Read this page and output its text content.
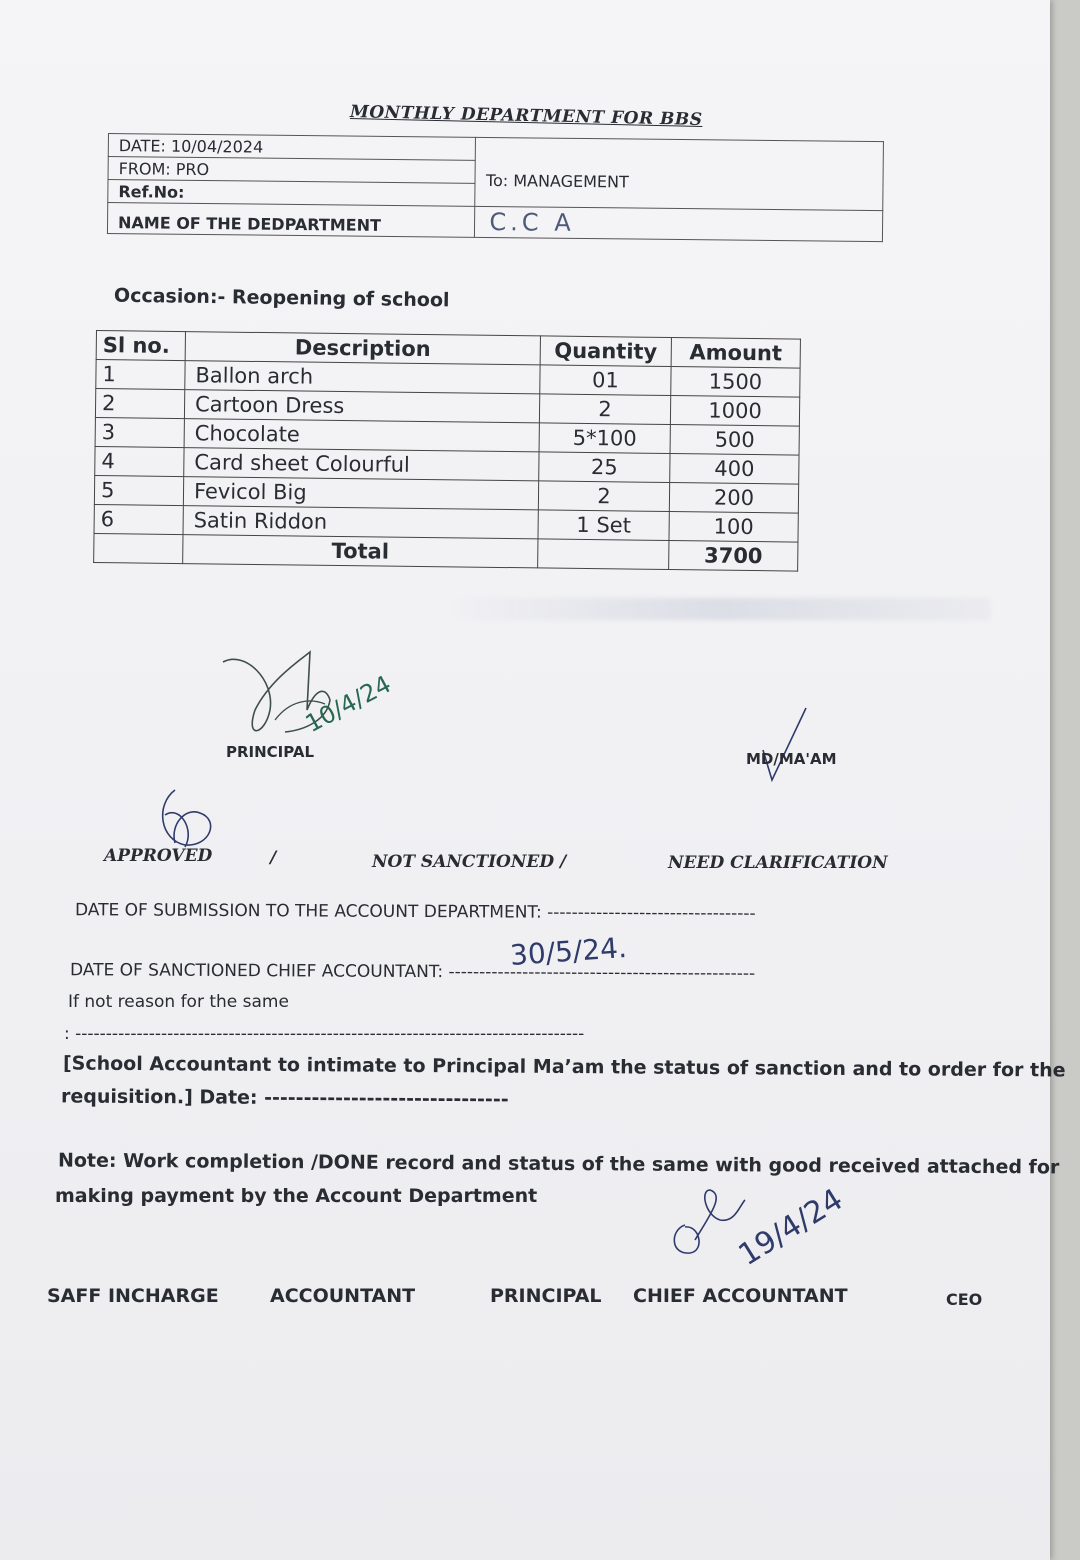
MONTHLY DEPARTMENT FOR BBS
DATE: 10/04/2024	To: MANAGEMENT
FROM: PRO	
Ref.No:	
NAME OF THE DEDPARTMENT	C.C A
Occasion:- Reopening of school
Sl no.	Description	Quantity	Amount
1	Ballon arch	01	1500
2	Cartoon Dress	2	1000
3	Chocolate	5*100	500
4	Card sheet Colourful	25	400
5	Fevicol Big	2	200
6	Satin Riddon	1 Set	100
	Total		3700
10/4/24
PRINCIPAL	MD/MA'AM
APPROVED	/	NOT SANCTIONED /	NEED CLARIFICATION
DATE OF SUBMISSION TO THE ACCOUNT DEPARTMENT: ----------------------------------
DATE OF SANCTIONED CHIEF ACCOUNTANT: --------------------------------------------------
30/5/24.
If not reason for the same
: -----------------------------------------------------------------------------------
[School Accountant to intimate to Principal Ma’am the status of sanction and to order for the
requisition.] Date: -------------------------------
Note: Work completion /DONE record and status of the same with good received attached for
making payment by the Account Department	19/4/24
SAFF INCHARGE	ACCOUNTANT	PRINCIPAL CHIEF ACCOUNTANT	CEO
